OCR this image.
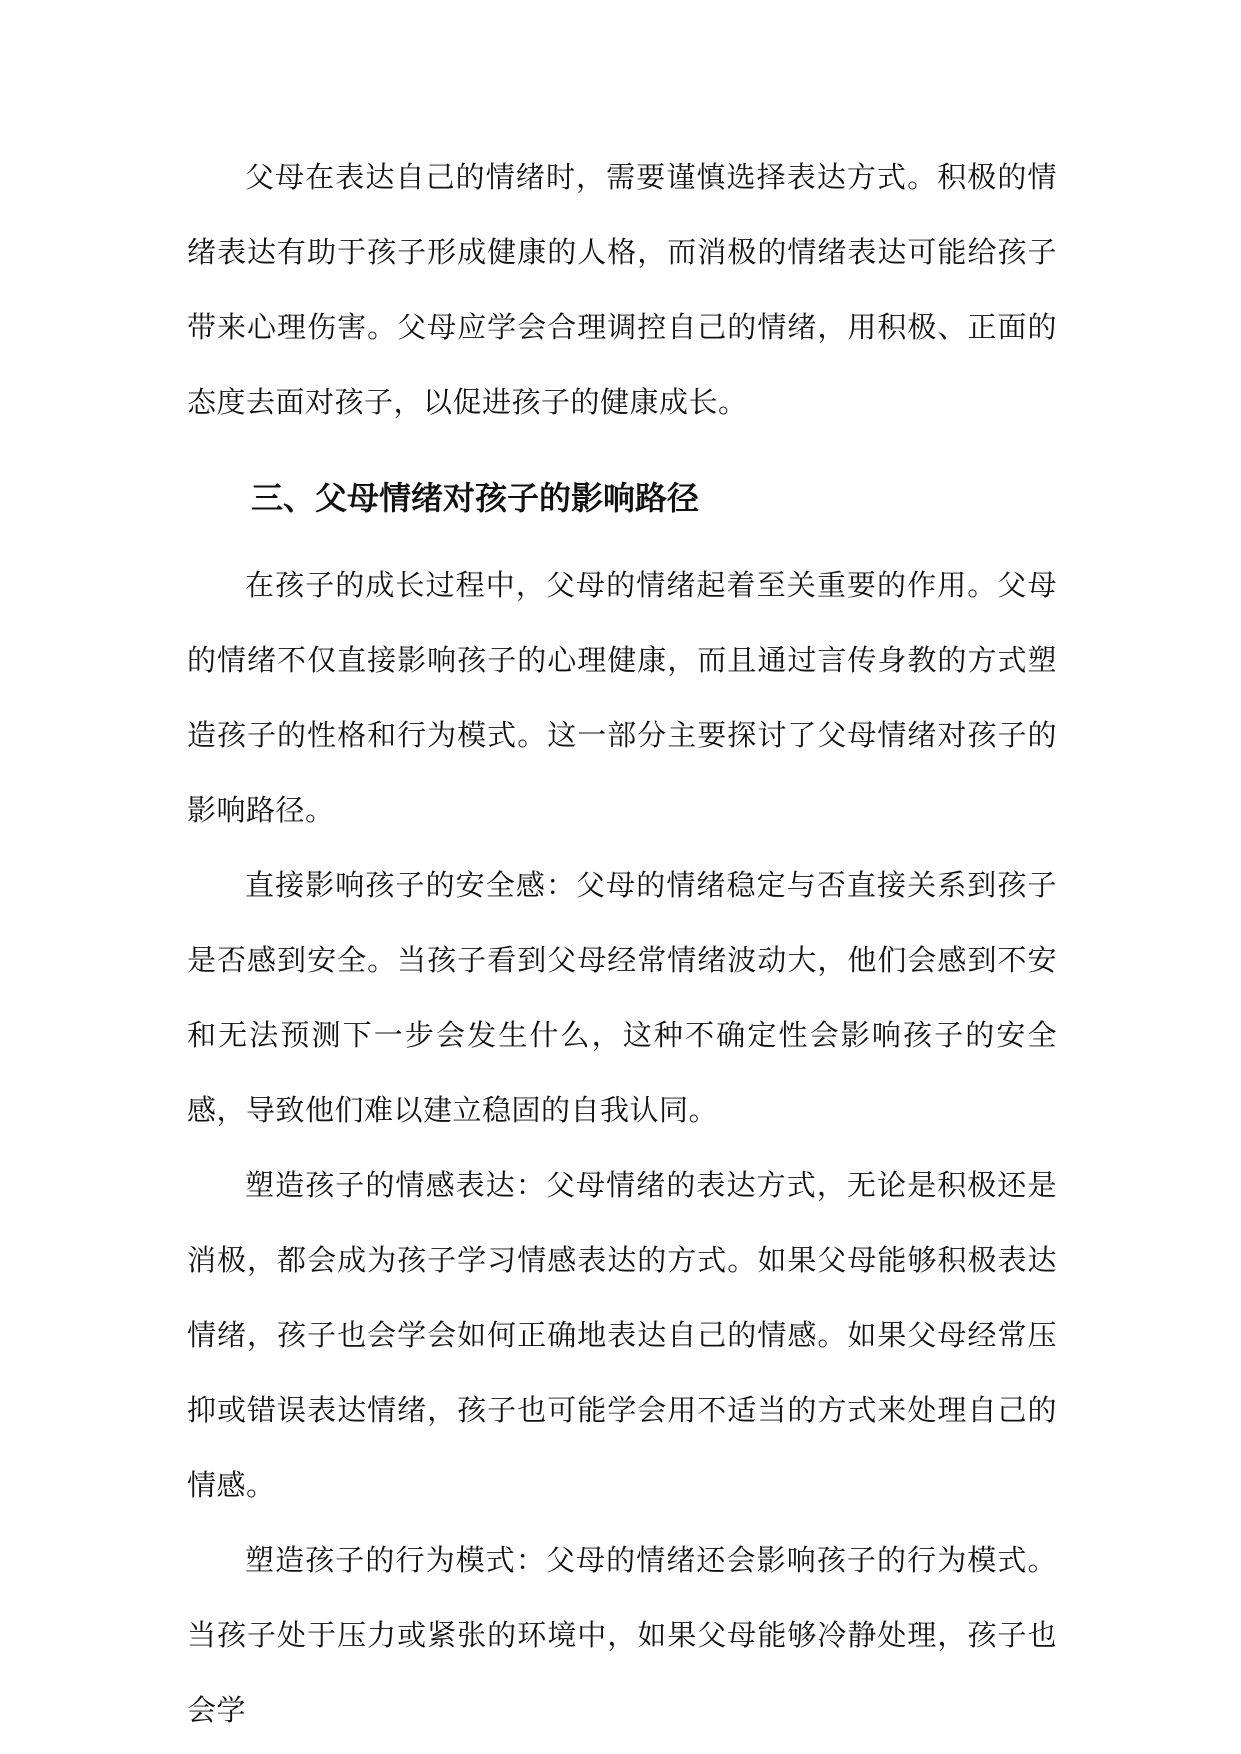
父母在表达自己的情绪时，需要谨慎选择表达方式。积极的情绪表达有助于孩子形成健康的人格，而消极的情绪表达可能给孩子带来心理伤害。父母应学会合理调控自己的情绪，用积极、正面的态度去面对孩子，以促进孩子的健康成长。

三、父母情绪对孩子的影响路径

在孩子的成长过程中，父母的情绪起着至关重要的作用。父母的情绪不仅直接影响孩子的心理健康，而且通过言传身教的方式塑造孩子的性格和行为模式。这一部分主要探讨了父母情绪对孩子的影响路径。

直接影响孩子的安全感：父母的情绪稳定与否直接关系到孩子是否感到安全。当孩子看到父母经常情绪波动大，他们会感到不安和无法预测下一步会发生什么，这种不确定性会影响孩子的安全感，导致他们难以建立稳固的自我认同。

塑造孩子的情感表达：父母情绪的表达方式，无论是积极还是消极，都会成为孩子学习情感表达的方式。如果父母能够积极表达情绪，孩子也会学会如何正确地表达自己的情感。如果父母经常压抑或错误表达情绪，孩子也可能学会用不适当的方式来处理自己的情感。

塑造孩子的行为模式：父母的情绪还会影响孩子的行为模式。当孩子处于压力或紧张的环境中，如果父母能够冷静处理，孩子也会学
